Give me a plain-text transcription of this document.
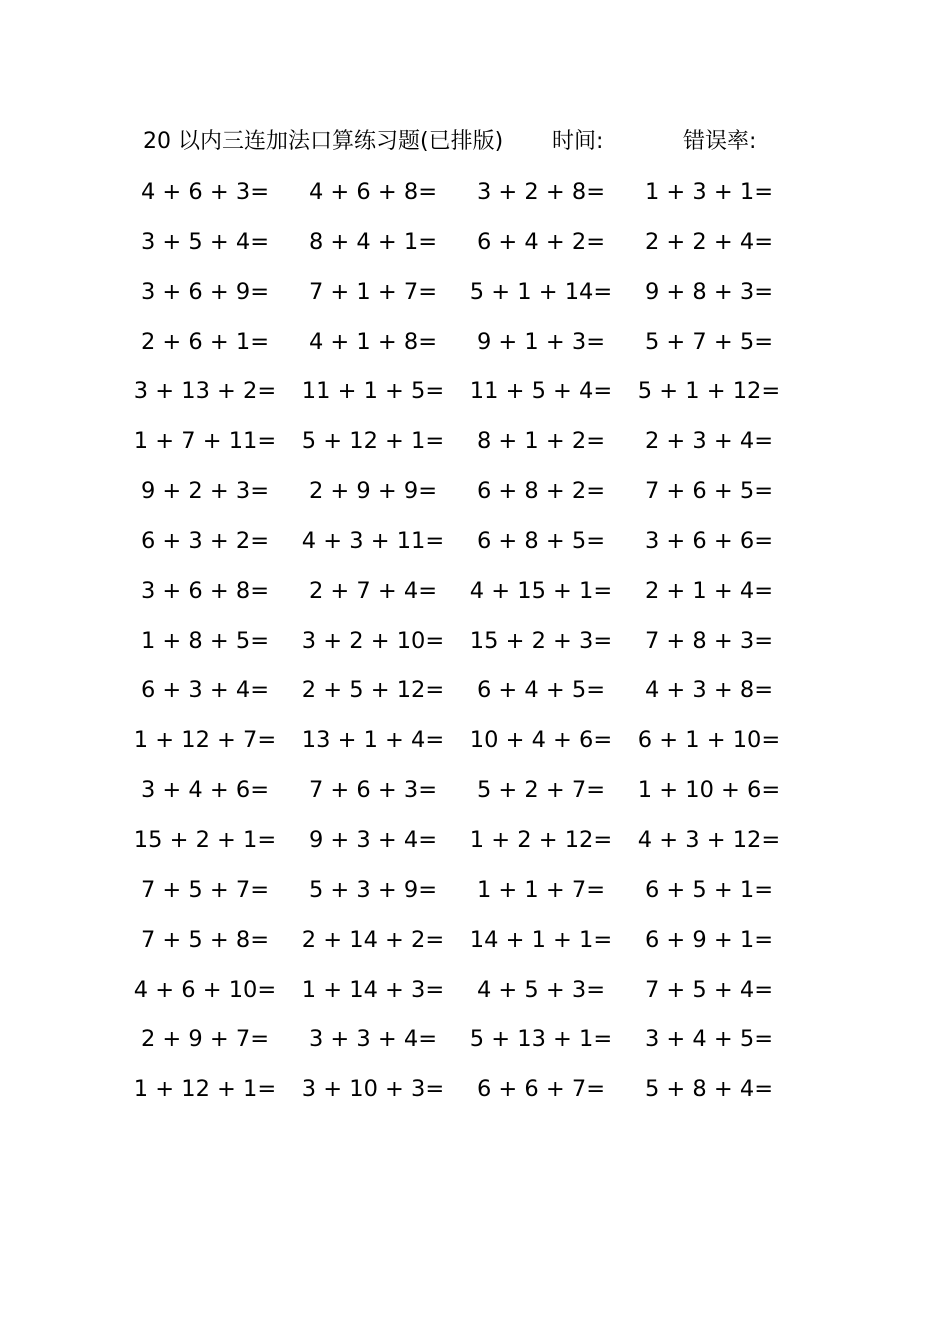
20 以内三连加法口算练习题(已排版) 时间:	错误率:
4 + 6 + 3=	4 + 6 + 8=	3 + 2 + 8=	1 + 3 + 1=
3 + 5 + 4=	8 + 4 + 1=	6 + 4 + 2=	2 + 2 + 4=
3 + 6 + 9=	7 + 1 + 7=	5 + 1 + 14=	9 + 8 + 3=
2 + 6 + 1=	4 + 1 + 8=	9 + 1 + 3=	5 + 7 + 5=
3 + 13 + 2=	11 + 1 + 5=	11 + 5 + 4=	5 + 1 + 12=
1 + 7 + 11=	5 + 12 + 1=	8 + 1 + 2=	2 + 3 + 4=
9 + 2 + 3=	2 + 9 + 9=	6 + 8 + 2=	7 + 6 + 5=
6 + 3 + 2=	4 + 3 + 11=	6 + 8 + 5=	3 + 6 + 6=
3 + 6 + 8=	2 + 7 + 4=	4 + 15 + 1=	2 + 1 + 4=
1 + 8 + 5=	3 + 2 + 10=	15 + 2 + 3=	7 + 8 + 3=
6 + 3 + 4=	2 + 5 + 12=	6 + 4 + 5=	4 + 3 + 8=
1 + 12 + 7=	13 + 1 + 4=	10 + 4 + 6=	6 + 1 + 10=
3 + 4 + 6=	7 + 6 + 3=	5 + 2 + 7=	1 + 10 + 6=
15 + 2 + 1=	9 + 3 + 4=	1 + 2 + 12=	4 + 3 + 12=
7 + 5 + 7=	5 + 3 + 9=	1 + 1 + 7=	6 + 5 + 1=
7 + 5 + 8=	2 + 14 + 2=	14 + 1 + 1=	6 + 9 + 1=
4 + 6 + 10=	1 + 14 + 3=	4 + 5 + 3=	7 + 5 + 4=
2 + 9 + 7=	3 + 3 + 4=	5 + 13 + 1=	3 + 4 + 5=
1 + 12 + 1=	3 + 10 + 3=	6 + 6 + 7=	5 + 8 + 4=
